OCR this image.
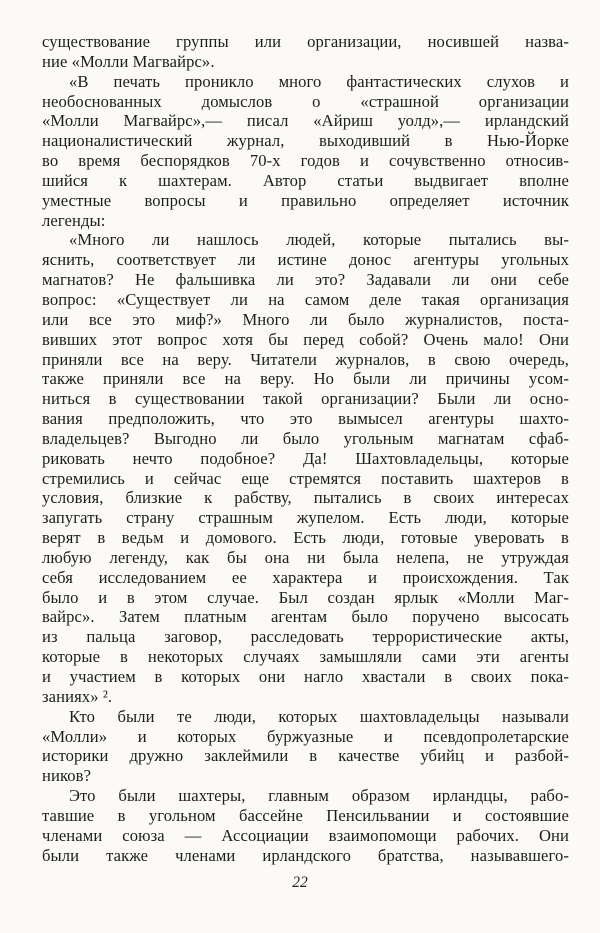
существование группы или организации, носившей назва-
ние «Молли Магвайрс».
«В печать проникло много фантастических слухов и
необоснованных домыслов о «страшной организации
«Молли Магвайрс»,— писал «Айриш уолд»,— ирландский
националистический журнал, выходивший в Нью-Йорке
во время беспорядков 70-х годов и сочувственно относив-
шийся к шахтерам. Автор статьи выдвигает вполне
уместные вопросы и правильно определяет источник
легенды:
«Много ли нашлось людей, которые пытались вы-
яснить, соответствует ли истине донос агентуры угольных
магнатов? Не фальшивка ли это? Задавали ли они себе
вопрос: «Существует ли на самом деле такая организация
или все это миф?» Много ли было журналистов, поста-
вивших этот вопрос хотя бы перед собой? Очень мало! Они
приняли все на веру. Читатели журналов, в свою очередь,
также приняли все на веру. Но были ли причины усом-
ниться в существовании такой организации? Были ли осно-
вания предположить, что это вымысел агентуры шахто-
владельцев? Выгодно ли было угольным магнатам сфаб-
риковать нечто подобное? Да! Шахтовладельцы, которые
стремились и сейчас еще стремятся поставить шахтеров в
условия, близкие к рабству, пытались в своих интересах
запугать страну страшным жупелом. Есть люди, которые
верят в ведьм и домового. Есть люди, готовые уверовать в
любую легенду, как бы она ни была нелепа, не утруждая
себя исследованием ее характера и происхождения. Так
было и в этом случае. Был создан ярлык «Молли Маг-
вайрс». Затем платным агентам было поручено высосать
из пальца заговор, расследовать террористические акты,
которые в некоторых случаях замышляли сами эти агенты
и участием в которых они нагло хвастали в своих пока-
заниях» ².
Кто были те люди, которых шахтовладельцы называли
«Молли» и которых буржуазные и псевдопролетарские
историки дружно заклеймили в качестве убийц и разбой-
ников?
Это были шахтеры, главным образом ирландцы, рабо-
тавшие в угольном бассейне Пенсильвании и состоявшие
членами союза — Ассоциации взаимопомощи рабочих. Они
были также членами ирландского братства, называвшего-
22
